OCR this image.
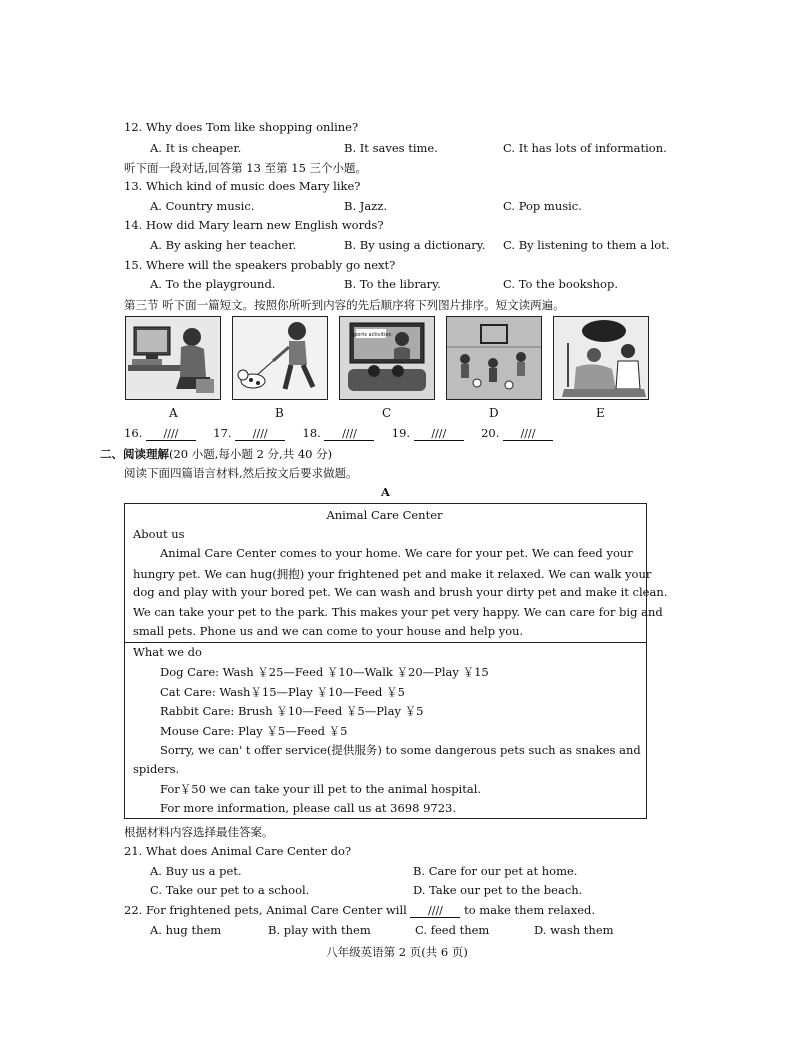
12. Why does Tom like shopping online?
A. It is cheaper.	B. It saves time.	C. It has lots of information.
听下面一段对话,回答第 13 至第 15 三个小题。
13. Which kind of music does Mary like?
A. Country music.	B. Jazz.	C. Pop music.
14. How did Mary learn new English words?
A. By asking her teacher.	B. By using a dictionary. C. By listening to them a lot.
15. Where will the speakers probably go next?
A. To the playground.	B. To the library.	C. To the bookshop.
第三节 听下面一篇短文。按照你所听到内容的先后顺序将下列图片排序。短文读两遍。
Sports activities
A	B	C	D	E
16. ////	17. ////	18. ////	19. ////	20. ////
二、阅读理解(20 小题,每小题 2 分,共 40 分)
阅读下面四篇语言材料,然后按文后要求做题。
A
Animal Care Center
About us
Animal Care Center comes to your home. We care for your pet. We can feed your
hungry pet. We can hug(拥抱) your frightened pet and make it relaxed. We can walk your
dog and play with your bored pet. We can wash and brush your dirty pet and make it clean.
We can take your pet to the park. This makes your pet very happy. We can care for big and
small pets. Phone us and we can come to your house and help you.
What we do
Dog Care: Wash ￥25—Feed ￥10—Walk ￥20—Play ￥15
Cat Care: Wash￥15—Play ￥10—Feed ￥5
Rabbit Care: Brush ￥10—Feed ￥5—Play ￥5
Mouse Care: Play ￥5—Feed ￥5
Sorry, we can' t offer service(提供服务) to some dangerous pets such as snakes and
spiders.
For￥50 we can take your ill pet to the animal hospital.
For more information, please call us at 3698 9723.
根据材料内容选择最佳答案。
21. What does Animal Care Center do?
A. Buy us a pet.	B. Care for our pet at home.
C. Take our pet to a school.	D. Take our pet to the beach.
22. For frightened pets, Animal Care Center will //// to make them relaxed.
A. hug them	B. play with them	C. feed them	D. wash them
八年级英语第 2 页(共 6 页)
